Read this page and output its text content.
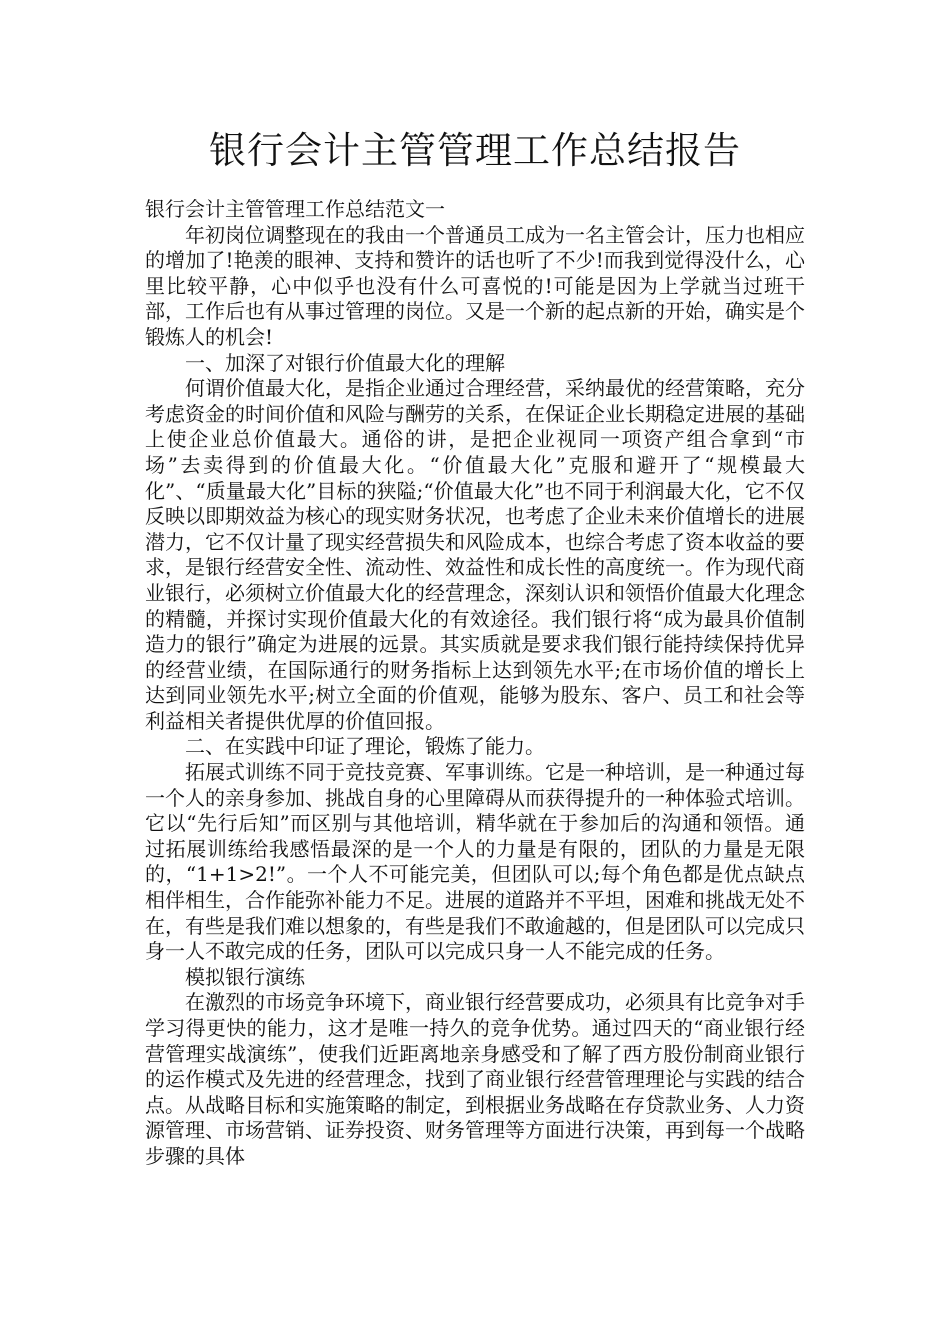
银行会计主管管理工作总结报告

银行会计主管管理工作总结范文一

年初岗位调整现在的我由一个普通员工成为一名主管会计，压力也相应的增加了!艳羡的眼神、支持和赞许的话也听了不少!而我到觉得没什么，心里比较平静，心中似乎也没有什么可喜悦的!可能是因为上学就当过班干部，工作后也有从事过管理的岗位。又是一个新的起点新的开始，确实是个锻炼人的机会!

一、加深了对银行价值最大化的理解

何谓价值最大化，是指企业通过合理经营，采纳最优的经营策略，充分考虑资金的时间价值和风险与酬劳的关系，在保证企业长期稳定进展的基础上使企业总价值最大。通俗的讲，是把企业视同一项资产组合拿到“市场”去卖得到的价值最大化。“价值最大化”克服和避开了“规模最大化”、“质量最大化”目标的狭隘;“价值最大化”也不同于利润最大化，它不仅反映以即期效益为核心的现实财务状况，也考虑了企业未来价值增长的进展潜力，它不仅计量了现实经营损失和风险成本，也综合考虑了资本收益的要求，是银行经营安全性、流动性、效益性和成长性的高度统一。作为现代商业银行，必须树立价值最大化的经营理念，深刻认识和领悟价值最大化理念的精髓，并探讨实现价值最大化的有效途径。我们银行将“成为最具价值制造力的银行”确定为进展的远景。其实质就是要求我们银行能持续保持优异的经营业绩，在国际通行的财务指标上达到领先水平;在市场价值的增长上达到同业领先水平;树立全面的价值观，能够为股东、客户、员工和社会等利益相关者提供优厚的价值回报。

二、在实践中印证了理论，锻炼了能力。

拓展式训练不同于竞技竞赛、军事训练。它是一种培训，是一种通过每一个人的亲身参加、挑战自身的心里障碍从而获得提升的一种体验式培训。它以“先行后知”而区别与其他培训，精华就在于参加后的沟通和领悟。通过拓展训练给我感悟最深的是一个人的力量是有限的，团队的力量是无限的，“1+1>2!”。一个人不可能完美，但团队可以;每个角色都是优点缺点相伴相生，合作能弥补能力不足。进展的道路并不平坦，困难和挑战无处不在，有些是我们难以想象的，有些是我们不敢逾越的，但是团队可以完成只身一人不敢完成的任务，团队可以完成只身一人不能完成的任务。

模拟银行演练

在激烈的市场竞争环境下，商业银行经营要成功，必须具有比竞争对手学习得更快的能力，这才是唯一持久的竞争优势。通过四天的“商业银行经营管理实战演练”，使我们近距离地亲身感受和了解了西方股份制商业银行的运作模式及先进的经营理念，找到了商业银行经营管理理论与实践的结合点。从战略目标和实施策略的制定，到根据业务战略在存贷款业务、人力资源管理、市场营销、证券投资、财务管理等方面进行决策，再到每一个战略步骤的具体
